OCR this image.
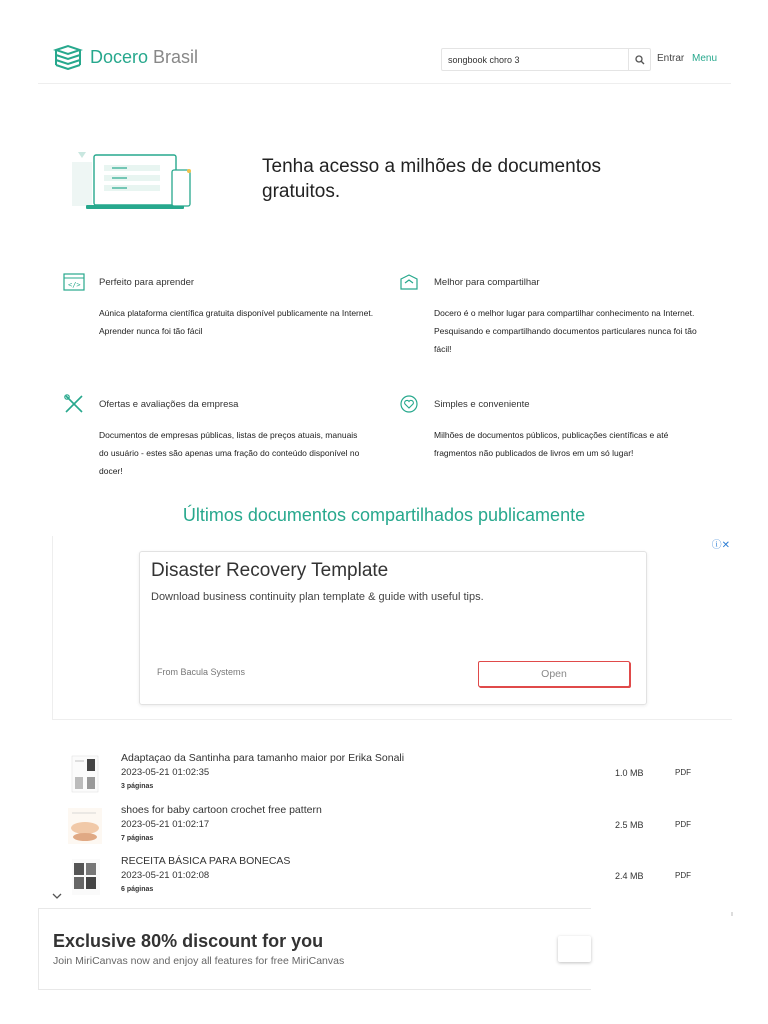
Docero Brasil
songbook choro 3	Entrar Menu
Tenha acesso a milhões de documentos gratuitos.
</> Perfeito para aprender
Aúnica plataforma científica gratuita disponível publicamente na Internet. Aprender nunca foi tão fácil
Melhor para compartilhar
Docero é o melhor lugar para compartilhar conhecimento na Internet. Pesquisando e compartilhando documentos particulares nunca foi tão fácil!
Ofertas e avaliações da empresa
Documentos de empresas públicas, listas de preços atuais, manuais do usuário - estes são apenas uma fração do conteúdo disponível no docer!
Simples e conveniente
Milhões de documentos públicos, publicações científicas e até fragmentos não publicados de livros em um só lugar!
Últimos documentos compartilhados publicamente
ⓘ✕
From Bacula Systems	Open
Disaster Recovery Template
Download business continuity plan template & guide with useful tips.
Adaptaçao da Santinha para tamanho maior por Erika Sonali
2023-05-21 01:02:35
3 páginas
1.0 MB	PDF
shoes for baby cartoon crochet free pattern
2023-05-21 01:02:17
7 páginas
2.5 MB	PDF
RECEITA BÁSICA PARA BONECAS
2023-05-21 01:02:08
6 páginas
2.4 MB	PDF
Exclusive 80% discount for you
Join MiriCanvas now and enjoy all features for free MiriCanvas
